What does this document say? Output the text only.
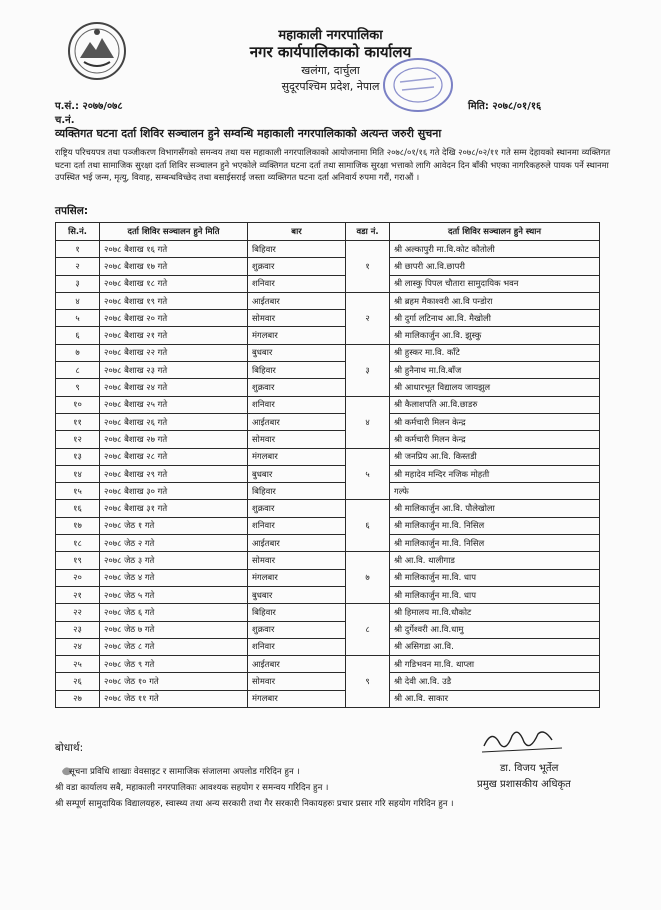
महाकाली नगरपालिका
नगर कार्यपालिकाको कार्यालय
खलंगा, दार्चुला
सुदूरपश्चिम प्रदेश, नेपाल
प.सं.: २०७७/०७८
च.नं.
मिति: २०७८/०१/१६
व्यक्तिगत घटना दर्ता शिविर सञ्चालन हुने सम्वन्धि महाकाली नगरपालिकाको अत्यन्त जरुरी सुचना
राष्ट्रिय परिचयपत्र तथा पञ्जीकरण विभागसँगको समन्वय तथा यस महाकाली नगरपालिकाको आयोजनामा मिति २०७८/०१/१६ गते देखि २०७८/०२/११ गते सम्म देहायको स्थानमा व्यक्तिगत घटना दर्ता तथा सामाजिक सुरक्षा दर्ता शिविर सञ्चालन हुने भएकोले व्यक्तिगत घटना दर्ता तथा सामाजिक सुरक्षा भत्ताको लागि आवेदन दिन बाँकी भएका नागरिकहरुले पायक पर्ने स्थानमा उपस्थित भई जन्म, मृत्यु, विवाह, सम्बन्धविच्छेद तथा बसाईसराई जस्ता व्यक्तिगत घटना दर्ता अनिवार्य रुपमा गरौं, गराऔं ।
तपसिल:
सि.नं.	दर्ता शिविर सञ्चालन हुने मिति	बार	वडा नं.	दर्ता शिविर सञ्चालन हुने स्थान
१	२०७८ बैशाख १६ गते	बिहिवार	१	श्री अल्कापुरी मा.वि.कोट कौतोली
२	२०७८ बैशाख १७ गते	शुक्रवार		श्री छापरी आ.वि.छापरी
३	२०७८ बैशाख १८ गते	शनिवार		श्री लास्कु पिपल चौतारा सामुदायिक भवन
४	२०७८ बैशाख १९ गते	आईतबार	२	श्री ब्रहम मैकाश्वरी आ.वि पन्डोरा
५	२०७८ बैशाख २० गते	सोमवार		श्री दुर्गा लटिनाथ आ.वि. मैखोली
६	२०७८ बैशाख २१ गते	मंगलबार		श्री मालिकार्जुन आ.वि. झुस्कु
७	२०७८ बैशाख २२ गते	बुधबार	३	श्री हुस्कर मा.वि. काँटे
८	२०७८ बैशाख २३ गते	बिहिवार		श्री हुनैनाथ मा.वि.बाँज
९	२०७८ बैशाख २४ गते	शुक्रवार		श्री आधारभूत विद्यालय जायझुल
१०	२०७८ बैशाख २५ गते	शनिवार	४	श्री कैलाशपति आ.वि.छाडरु
११	२०७८ बैशाख २६ गते	आईतबार		श्री कर्मचारी मिलन केन्द्र
१२	२०७८ बैशाख २७ गते	सोमवार		श्री कर्मचारी मिलन केन्द्र
१३	२०७८ बैशाख २८ गते	मंगलबार	५	श्री जनप्रिय आ.वि. किस्तडी
१४	२०७८ बैशाख २९ गते	बुधबार		श्री महादेव मन्दिर नजिक मोहती
१५	२०७८ बैशाख ३० गते	बिहिवार		गल्फे
१६	२०७८ बैशाख ३१ गते	शुक्रवार	६	श्री मालिकार्जुन आ.वि. पौलेखोला
१७	२०७८ जेठ १ गते	शनिवार		श्री मालिकार्जुन मा.वि. निसिल
१८	२०७८ जेठ २ गते	आईतबार		श्री मालिकार्जुन मा.वि. निसिल
१९	२०७८ जेठ ३ गते	सोमवार	७	श्री आ.वि. थालीगाड
२०	२०७८ जेठ ४ गते	मंगलबार		श्री मालिकार्जुन मा.वि. धाप
२१	२०७८ जेठ ५ गते	बुधबार		श्री मालिकार्जुन मा.वि. धाप
२२	२०७८ जेठ ६ गते	बिहिवार	८	श्री हिमालय मा.वि.धौकोट
२३	२०७८ जेठ ७ गते	शुक्रवार		श्री दुर्गेश्वरी आ.वि.धामु
२४	२०७८ जेठ ८ गते	शनिवार		श्री असिगडा आ.वि.
२५	२०७८ जेठ ९ गते	आईतबार	९	श्री गडिभवन मा.वि. थाप्ला
२६	२०७८ जेठ १० गते	सोमवार		श्री देवी आ.वि. उडै
२७	२०७८ जेठ ११ गते	मंगलबार		श्री आ.वि. साकार
बोधार्थ:
सूचना प्रविधि शाखाः वेवसाइट र सामाजिक संजालमा अपलोड गरिदिन हुन ।
श्री वडा कार्यालय सबै, महाकाली नगरपालिकाः आवश्यक सहयोग र समन्वय गरिदिन हुन ।
श्री सम्पूर्ण सामुदायिक विद्यालयहरु, स्वास्थ्य तथा अन्य सरकारी तथा गैर सरकारी निकायहरुः प्रचार प्रसार गरि सहयोग गरिदिन हुन ।
डा. विजय भूर्तेल
प्रमुख प्रशासकीय अधिकृत
